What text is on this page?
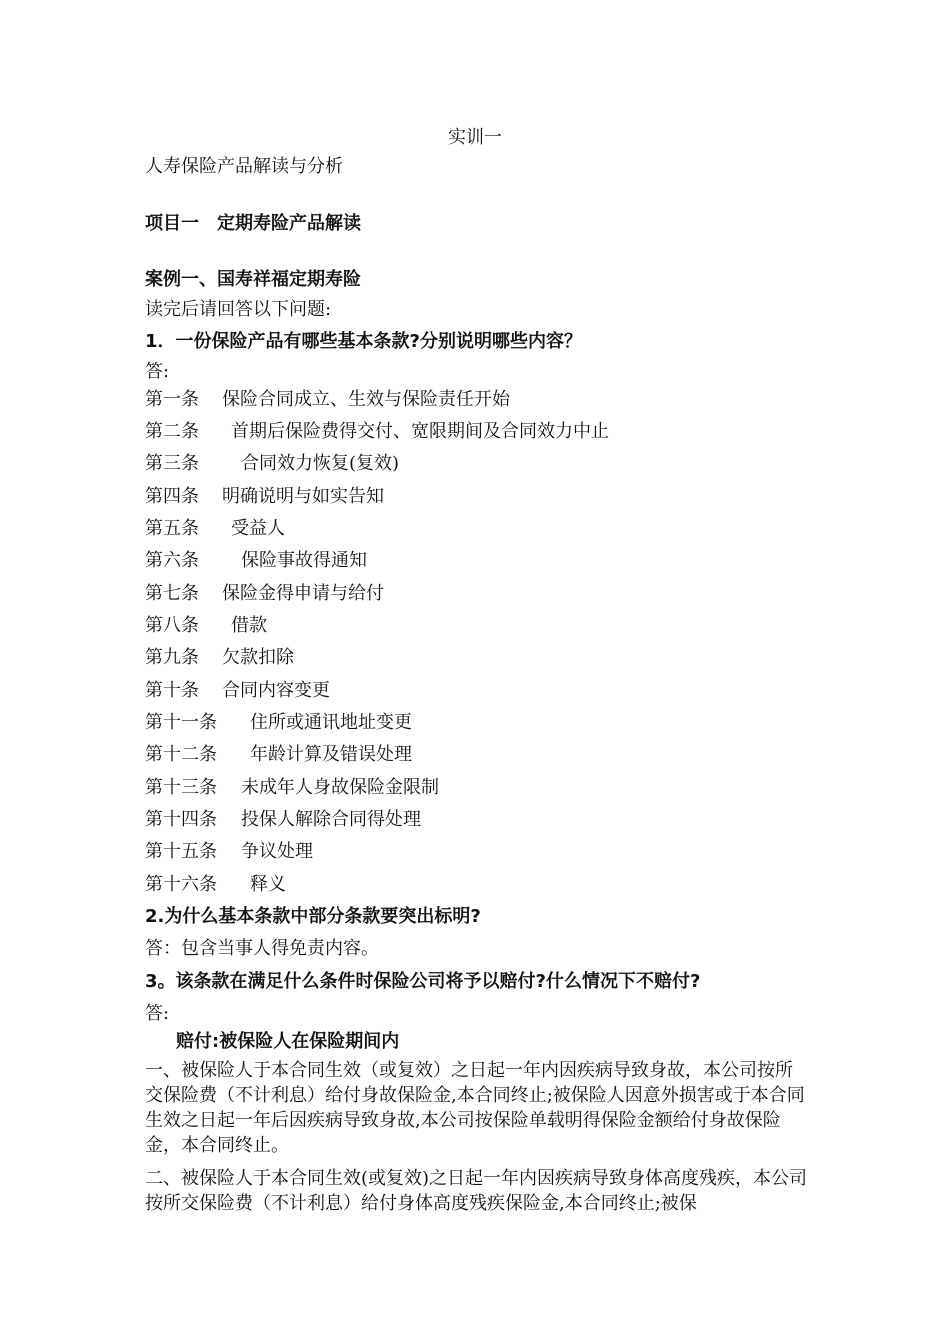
实训一
人寿保险产品解读与分析
项目一　定期寿险产品解读
案例一、国寿祥福定期寿险
读完后请回答以下问题:
1．一份保险产品有哪些基本条款?分别说明哪些内容？
答:
第一条 保险合同成立、生效与保险责任开始
第二条 首期后保险费得交付、宽限期间及合同效力中止
第三条 合同效力恢复(复效)
第四条 明确说明与如实告知
第五条 受益人
第六条 保险事故得通知
第七条 保险金得申请与给付
第八条 借款
第九条 欠款扣除
第十条 合同内容变更
第十一条 住所或通讯地址变更
第十二条 年龄计算及错误处理
第十三条 未成年人身故保险金限制
第十四条 投保人解除合同得处理
第十五条 争议处理
第十六条 释义
2.为什么基本条款中部分条款要突出标明?
答：包含当事人得免责内容。
3。该条款在满足什么条件时保险公司将予以赔付?什么情况下不赔付?
答:
赔付:被保险人在保险期间内
一、被保险人于本合同生效（或复效）之日起一年内因疾病导致身故，本公司按所交保险费（不计利息）给付身故保险金,本合同终止;被保险人因意外损害或于本合同生效之日起一年后因疾病导致身故,本公司按保险单载明得保险金额给付身故保险金，本合同终止。
二、被保险人于本合同生效(或复效)之日起一年内因疾病导致身体高度残疾，本公司按所交保险费（不计利息）给付身体高度残疾保险金,本合同终止;被保
